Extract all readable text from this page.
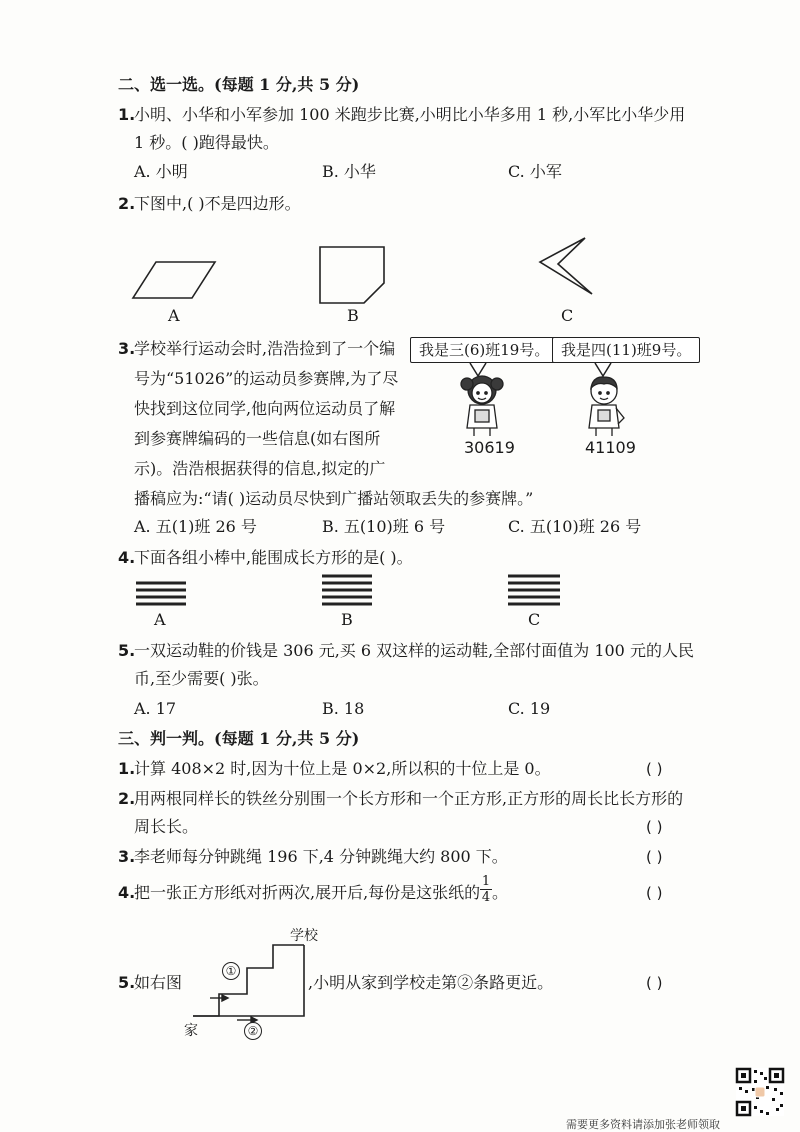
二、选一选。(每题 1 分,共 5 分)
1.
小明、小华和小军参加 100 米跑步比赛,小明比小华多用 1 秒,小军比小华少用
1 秒。( )跑得最快。
A. 小明	B. 小华	C. 小军
2.
下图中,( )不是四边形。
A	B	C
3.
学校举行运动会时,浩浩捡到了一个编
号为“51026”的运动员参赛牌,为了尽
快找到这位同学,他向两位运动员了解
到参赛牌编码的一些信息(如右图所
示)。浩浩根据获得的信息,拟定的广
播稿应为:“请( )运动员尽快到广播站领取丢失的参赛牌。”
我是三(6)班19号。 我是四(11)班9号。
30619	41109
A. 五(1)班 26 号	B. 五(10)班 6 号	C. 五(10)班 26 号
4.
下面各组小棒中,能围成长方形的是( )。
A	B	C
5.
一双运动鞋的价钱是 306 元,买 6 双这样的运动鞋,全部付面值为 100 元的人民
币,至少需要( )张。
A. 17	B. 18	C. 19
三、判一判。(每题 1 分,共 5 分)
1.
计算 408×2 时,因为十位上是 0×2,所以积的十位上是 0。	( )
2.
用两根同样长的铁丝分别围一个长方形和一个正方形,正方形的周长比长方形的
周长长。	( )
3.
李老师每分钟跳绳 196 下,4 分钟跳绳大约 800 下。	( )
4.
把一张正方形纸对折两次,展开后,每份是这张纸的 $\frac{1}{4}$ 。	( )
学校
①
②
家
5.
如右图	,小明从家到学校走第②条路更近。	( )
需要更多资料请添加张老师领取
